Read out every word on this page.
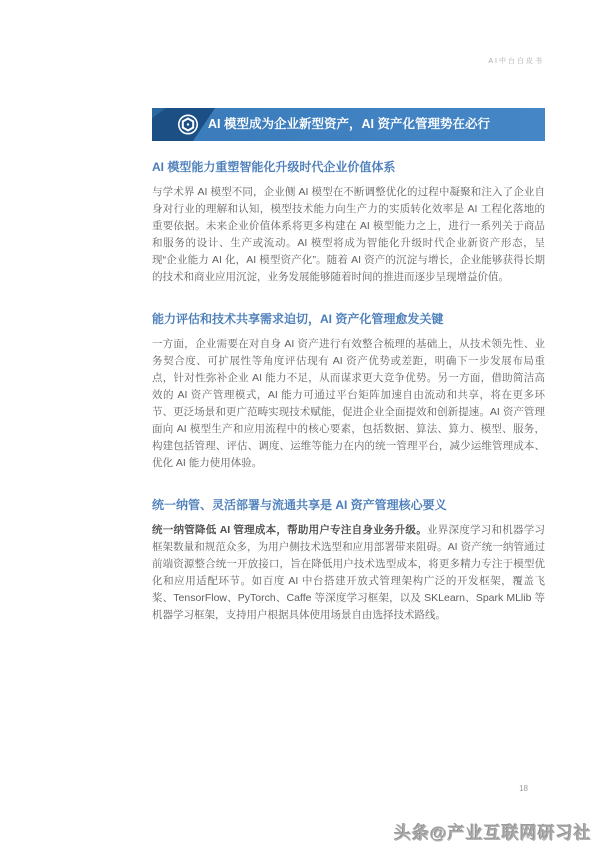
AI中台白皮书
AI 模型成为企业新型资产，AI 资产化管理势在必行
AI 模型能力重塑智能化升级时代企业价值体系

与学术界 AI 模型不同，企业侧 AI 模型在不断调整优化的过程中凝聚和注入了企业自身对行业的理解和认知，模型技术能力向生产力的实质转化效率是 AI 工程化落地的重要依据。未来企业价值体系将更多构建在 AI 模型能力之上，进行一系列关于商品和服务的设计、生产或流动。AI 模型将成为智能化升级时代企业新资产形态，呈现“企业能力 AI 化，AI 模型资产化”。随着 AI 资产的沉淀与增长，企业能够获得长期的技术和商业应用沉淀，业务发展能够随着时间的推进而逐步呈现增益价值。

能力评估和技术共享需求迫切，AI 资产化管理愈发关键

一方面，企业需要在对自身 AI 资产进行有效整合梳理的基础上，从技术领先性、业务契合度、可扩展性等角度评估现有 AI 资产优势或差距，明确下一步发展布局重点，针对性弥补企业 AI 能力不足，从而谋求更大竞争优势。另一方面，借助简洁高效的 AI 资产管理模式，AI 能力可通过平台矩阵加速自由流动和共享，将在更多环节、更泛场景和更广范畴实现技术赋能，促进企业全面提效和创新提速。AI 资产管理面向 AI 模型生产和应用流程中的核心要素，包括数据、算法、算力、模型、服务，构建包括管理、评估、调度、运维等能力在内的统一管理平台，减少运维管理成本、优化 AI 能力使用体验。

统一纳管、灵活部署与流通共享是 AI 资产管理核心要义

统一纳管降低 AI 管理成本，帮助用户专注自身业务升级。业界深度学习和机器学习框架数量和规范众多，为用户侧技术选型和应用部署带来阻碍。AI 资产统一纳管通过前端资源整合统一开放接口，旨在降低用户技术选型成本，将更多精力专注于模型优化和应用适配环节。如百度 AI 中台搭建开放式管理架构广泛的开发框架，覆盖飞桨、TensorFlow、PyTorch、Caffe 等深度学习框架，以及 SKLearn、Spark MLlib 等机器学习框架，支持用户根据具体使用场景自由选择技术路线。

18
头条@产业互联网研习社
